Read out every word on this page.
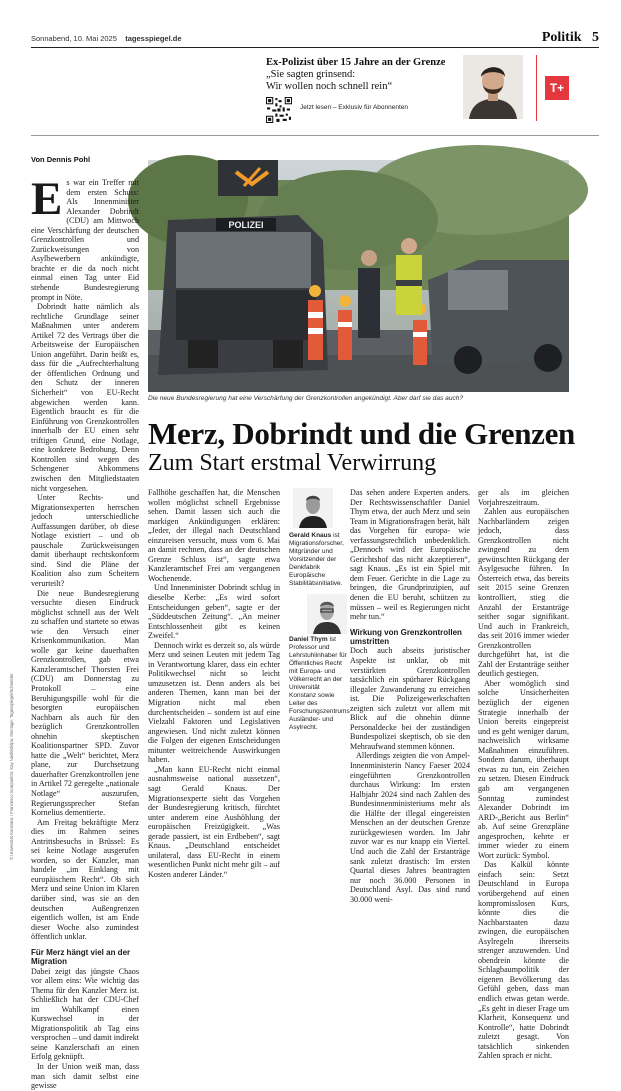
Sonnabend, 10. Mai 2025 tagesspiegel.de	Politik 5
Ex-Polizist über 15 Jahre an der Grenze
„Sie sagten grinsend:
Wir wollen noch schnell rein“
Jetzt lesen – Exklusiv für Abonnenten
T+
Von Dennis Pohl
POLIZEI
Die neue Bundesregierung hat eine Verschärfung der Grenzkontrollen angekündigt. Aber darf sie das auch?
Merz, Dobrindt und die Grenzen
Zum Start erstmal Verwirrung

Es war ein Treffer mit dem ersten Schuss: Als Innenminister Alexander Dobrindt (CDU) am Mittwoch eine Verschärfung der deutschen Grenzkontrollen und Zurückweisungen von Asylbewerbern ankündigte, brachte er die da noch nicht einmal einen Tag unter Eid stehende Bundesregierung prompt in Nöte.

Dobrindt hatte nämlich als rechtliche Grundlage seiner Maßnahmen unter anderem Artikel 72 des Vertrags über die Arbeitsweise der Europäischen Union angeführt. Darin heißt es, dass für die „Aufrechterhaltung der öffentlichen Ordnung und den Schutz der inneren Sicherheit“ von EU-Recht abgewichen werden kann. Eigentlich braucht es für die Einführung von Grenzkontrollen innerhalb der EU einen sehr triftigen Grund, eine Notlage, eine konkrete Bedrohung. Denn Kontrollen sind wegen des Schengener Abkommens zwischen den Mitgliedstaaten nicht vorgesehen.

Unter Rechts- und Migrationsexperten herrschen jedoch unterschiedliche Auffassungen darüber, ob diese Notlage existiert – und ob pauschale Zurückweisungen damit überhaupt rechtskonform sind. Sind die Pläne der Koalition also zum Scheitern verurteilt?

Die neue Bundesregierung versuchte diesen Eindruck möglichst schnell aus der Welt zu schaffen und startete so etwas wie den Versuch einer Krisenkommunikation. Man wolle gar keine dauerhaften Grenzkontrollen, gab etwa Kanzleramtschef Thorsten Frei (CDU) am Donnerstag zu Protokoll – eine Beruhigungspille wohl für die besorgten europäischen Nachbarn als auch für den bezüglich Grenzkontrollen ohnehin skeptischen Koalitionspartner SPD. Zuvor hatte die „Welt“ berichtet, Merz plane, zur Durchsetzung dauerhafter Grenzkontrollen jene in Artikel 72 geregelte „nationale Notlage“ auszurufen, Regierungssprecher Stefan Kornelius dementierte.

Am Freitag bekräftigte Merz dies im Rahmen seines Antrittsbesuchs in Brüssel: Es sei keine Notlage ausgerufen worden, so der Kanzler, man handele „im Einklang mit europäischem Recht“. Ob sich Merz und seine Union im Klaren darüber sind, was sie an den deutschen Außengrenzen eigentlich wollen, ist am Ende dieser Woche also zumindest öffentlich unklar.

Für Merz hängt viel an der Migration

Dabei zeigt das jüngste Chaos vor allem eins: Wie wichtig das Thema für den Kanzler Merz ist. Schließlich hat der CDU-Chef im Wahlkampf einen Kurswechsel in der Migrationspolitik ab Tag eins versprochen – und damit indirekt seine Kanzlerschaft an einen Erfolg geknüpft.

In der Union weiß man, dass man sich damit selbst eine gewisse

Fallhöhe geschaffen hat, die Menschen wollen möglichst schnell Ergebnisse sehen. Damit lassen sich auch die markigen Ankündigungen erklären: „Jeder, der illegal nach Deutschland einzureisen versucht, muss vom 6. Mai an damit rechnen, dass an der deutschen Grenze Schluss ist“, sagte etwa Kanzleramtschef Frei am vergangenen Wochenende.

Und Innenminister Dobrindt schlug in dieselbe Kerbe: „Es wird sofort Entscheidungen geben“, sagte er der „Süddeutschen Zeitung“. „An meiner Entschlossenheit gibt es keinen Zweifel.“

Dennoch wirkt es derzeit so, als würde Merz und seinen Leuten mit jedem Tag in Verantwortung klarer, dass ein echter Politikwechsel nicht so leicht umzusetzen ist. Denn anders als bei anderen Themen, kann man bei der Migration nicht mal eben durchentscheiden – sondern ist auf eine Vielzahl Faktoren und Legislativen angewiesen. Und nicht zuletzt können die Folgen der eigenen Entscheidungen mitunter weitreichende Auswirkungen haben.

„Man kann EU-Recht nicht einmal ausnahmsweise national aussetzen“, sagt Gerald Knaus. Der Migrationsexperte sieht das Vorgehen der Bundesregierung kritisch, fürchtet unter anderem eine Aushöhlung der europäischen Freizügigkeit. „Was gerade passiert, ist ein Erdbeben“, sagt Knaus. „Deutschland entscheidet unilateral, dass EU-Recht in einem wesentlichen Punkt nicht mehr gilt – auf Kosten anderer Länder.“

Gerald Knaus ist Migrationsforscher, Mitgründer und Vorsitzender der Denkfabrik Europäische Stabilitätsinitiative.
Daniel Thym ist Professor und Lehrstuhlinhaber für Öffentliches Recht mit Europa- und Völkerrecht an der Universität Konstanz sowie Leiter des Forschungszentrums Ausländer- und Asylrecht.

Das sehen andere Experten anders. Der Rechtswissenschaftler Daniel Thym etwa, der auch Merz und sein Team in Migrationsfragen berät, hält das Vorgehen für europa- wie verfassungsrechtlich unbedenklich. „Dennoch wird der Europäische Gerichtshof das nicht akzeptieren“, sagt Knaus. „Es ist ein Spiel mit dem Feuer. Gerichte in die Lage zu bringen, die Grundprinzipien, auf denen die EU beruht, schützen zu müssen – weil es Regierungen nicht mehr tun.“

Wirkung von Grenzkontrollen umstritten

Doch auch abseits juristischer Aspekte ist unklar, ob mit verstärkten Grenzkontrollen tatsächlich ein spürbarer Rückgang illegaler Zuwanderung zu erreichen ist. Die Polizeigewerkschaften zeigten sich zuletzt vor allem mit Blick auf die ohnehin dünne Personaldecke bei der zuständigen Bundespolizei skeptisch, ob sie den Mehraufwand stemmen können.

Allerdings zeigten die von Ampel-Innenministerin Nancy Faeser 2024 eingeführten Grenzkontrollen durchaus Wirkung: Im ersten Halbjahr 2024 sind nach Zahlen des Bundesinnenministeriums mehr als die Hälfte der illegal eingereisten Menschen an der deutschen Grenze zurückgewiesen worden. Im Jahr zuvor war es nur knapp ein Viertel. Und auch die Zahl der Erstanträge sank zuletzt drastisch: Im ersten Quartal dieses Jahres beantragten nur noch 36.000 Personen in Deutschland Asyl. Das sind rund 30.000 weni-

ger als im gleichen Vorjahreszeitraum.

Zahlen aus europäischen Nachbarländern zeigen jedoch, dass Grenzkontrollen nicht zwingend zu dem gewünschten Rückgang der Asylgesuche führen. In Österreich etwa, das bereits seit 2015 seine Grenzen kontrolliert, stieg die Anzahl der Erstanträge seither sogar signifikant. Und auch in Frankreich, das seit 2016 immer wieder Grenzkontrollen durchgeführt hat, ist die Zahl der Erstanträge seither deutlich gestiegen.

Aber womöglich sind solche Unsicherheiten bezüglich der eigenen Strategie innerhalb der Union bereits eingepreist und es geht weniger darum, nachweislich wirksame Maßnahmen einzuführen. Sondern darum, überhaupt etwas zu tun, ein Zeichen zu setzen. Diesen Eindruck gab am vergangenen Sonntag zumindest Alexander Dobrindt im ARD-„Bericht aus Berlin“ ab. Auf seine Grenzpläne angesprochen, kehrte er immer wieder zu einem Wort zurück: Symbol.

Das Kalkül könnte einfach sein: Setzt Deutschland in Europa vorübergehend auf einen kompromisslosen Kurs, könnte dies die Nachbarstaaten dazu zwingen, die europäischen Asylregeln ihrerseits strenger anzuwenden. Und obendrein könnte die Schlagbaumpolitik der eigenen Bevölkerung das Gefühl geben, dass man endlich etwas getan werde. „Es geht in dieser Frage um Klarheit, Konsequenz und Kontrolle“, hatte Dobrindt zuletzt gesagt. Von tatsächlich sinkenden Zahlen sprach er nicht.

© Universität Konstanz / Francesco Scarpa/ESI; Kay Nietfeld/dpa; Montage: Tagesspiegel/Schneider
